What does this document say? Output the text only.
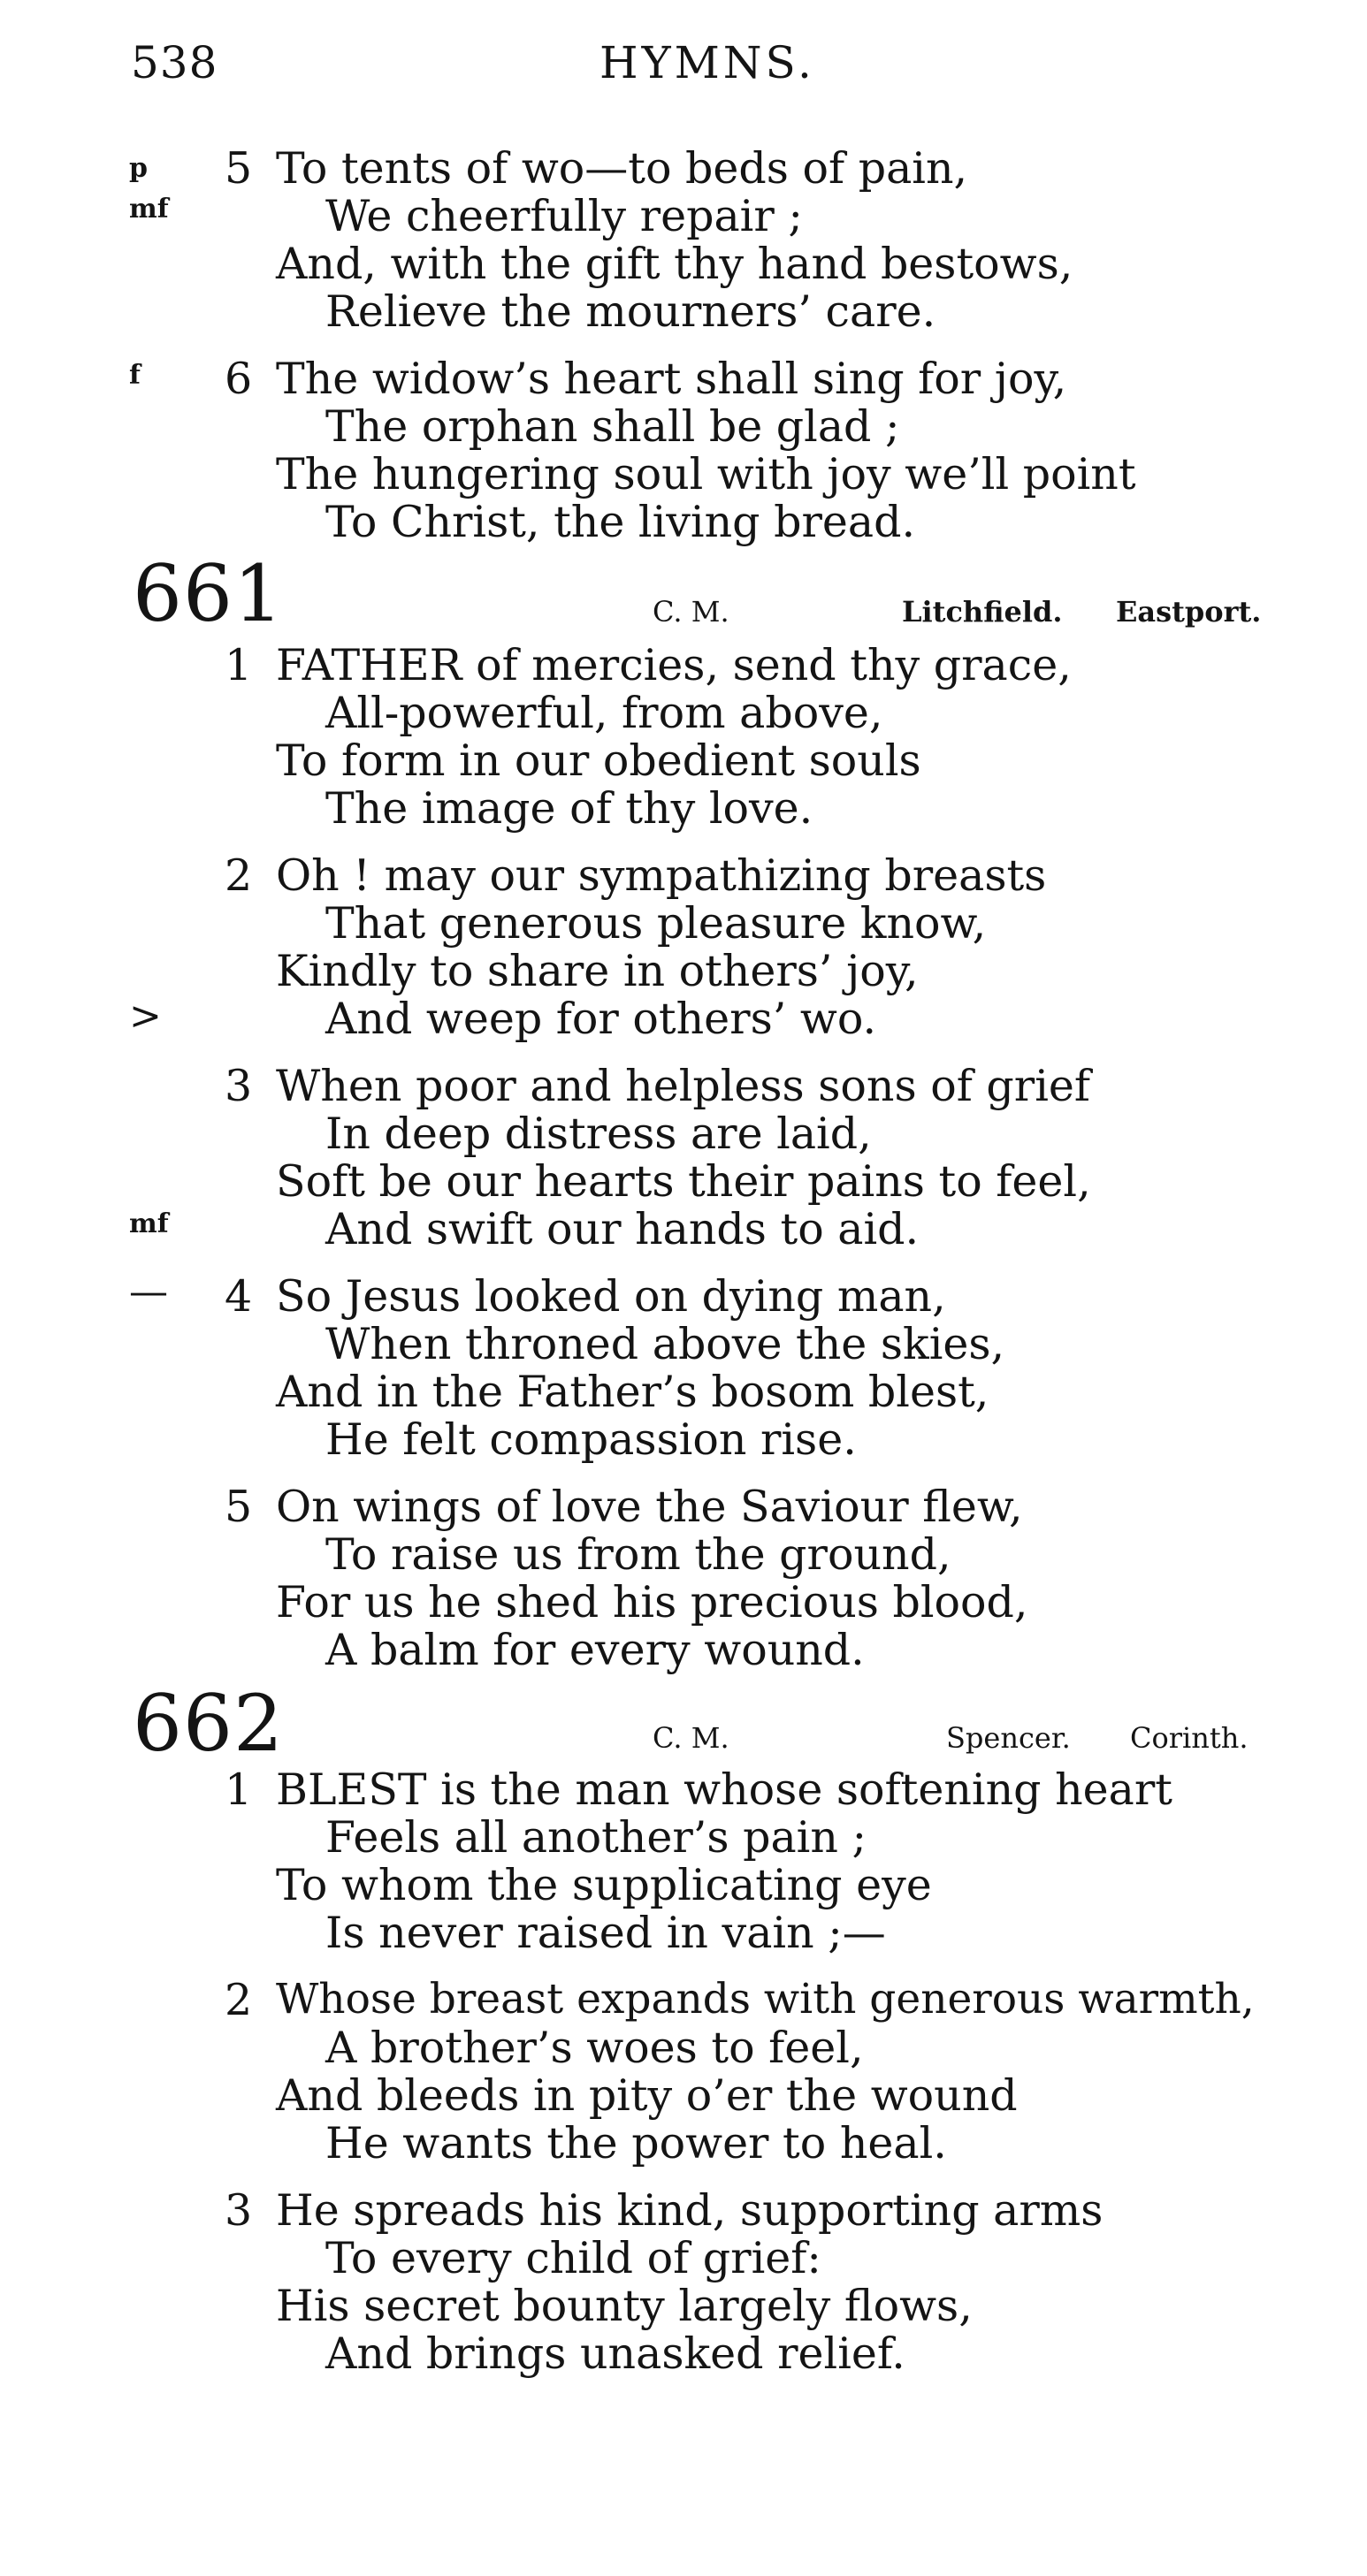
538	HYMNS.
p
mf
5 To tents of wo—to beds of pain,
We cheerfully repair ;
And, with the gift thy hand bestows,
Relieve the mourners’ care.
f 6 The widow’s heart shall sing for joy,
The orphan shall be glad ;
The hungering soul with joy we’ll point
To Christ, the living bread.
661	C. M.	Litchfield. Eastport.
1 FATHER of mercies, send thy grace,
All-powerful, from above,
To form in our obedient souls
The image of thy love.
2 Oh ! may our sympathizing breasts
That generous pleasure know,
Kindly to share in others’ joy,
>	And weep for others’ wo.
3 When poor and helpless sons of grief
In deep distress are laid,
Soft be our hearts their pains to feel,
mf	And swift our hands to aid.
— 4 So Jesus looked on dying man,
When throned above the skies,
And in the Father’s bosom blest,
He felt compassion rise.
5 On wings of love the Saviour flew,
To raise us from the ground,
For us he shed his precious blood,
A balm for every wound.
662	C. M.	Spencer. Corinth.
1 BLEST is the man whose softening heart
Feels all another’s pain ;
To whom the supplicating eye
Is never raised in vain ;—
2 Whose breast expands with generous warmth,
A brother’s woes to feel,
And bleeds in pity o’er the wound
He wants the power to heal.
3 He spreads his kind, supporting arms
To every child of grief:
His secret bounty largely flows,
And brings unasked relief.
